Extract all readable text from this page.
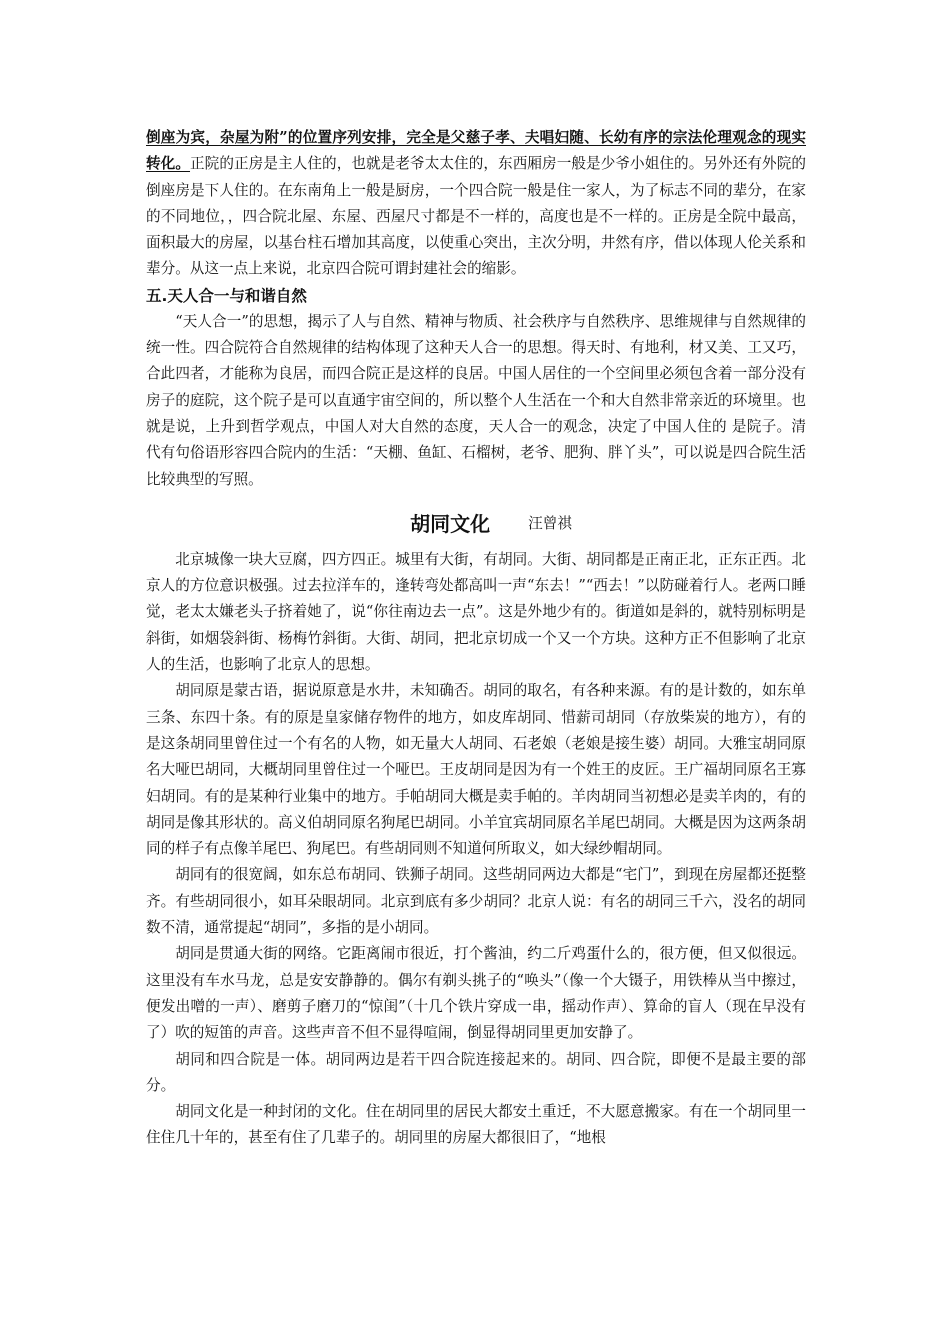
倒座为宾，杂屋为附”的位置序列安排，完全是父慈子孝、夫唱妇随、长幼有序的宗法伦理观念的现实转化。正院的正房是主人住的，也就是老爷太太住的，东西厢房一般是少爷小姐住的。另外还有外院的倒座房是下人住的。在东南角上一般是厨房，一个四合院一般是住一家人，为了标志不同的辈分，在家的不同地位，，四合院北屋、东屋、西屋尺寸都是不一样的，高度也是不一样的。正房是全院中最高，面积最大的房屋，以基台柱石增加其高度，以使重心突出，主次分明，井然有序，借以体现人伦关系和辈分。从这一点上来说，北京四合院可谓封建社会的缩影。

五.天人合一与和谐自然

“天人合一”的思想，揭示了人与自然、精神与物质、社会秩序与自然秩序、思维规律与自然规律的统一性。四合院符合自然规律的结构体现了这种天人合一的思想。得天时、有地利，材又美、工又巧，合此四者，才能称为良居，而四合院正是这样的良居。中国人居住的一个空间里必须包含着一部分没有房子的庭院，这个院子是可以直通宇宙空间的，所以整个人生活在一个和大自然非常亲近的环境里。也就是说，上升到哲学观点，中国人对大自然的态度，天人合一的观念，决定了中国人住的 是院子。清代有句俗语形容四合院内的生活：“天棚、鱼缸、石榴树，老爷、肥狗、胖丫头”，可以说是四合院生活比较典型的写照。

胡同文化	汪曾祺

北京城像一块大豆腐，四方四正。城里有大街，有胡同。大街、胡同都是正南正北，正东正西。北京人的方位意识极强。过去拉洋车的，逢转弯处都高叫一声“东去！”“西去！”以防碰着行人。老两口睡觉，老太太嫌老头子挤着她了，说“你往南边去一点”。这是外地少有的。街道如是斜的，就特别标明是斜街，如烟袋斜街、杨梅竹斜街。大街、胡同，把北京切成一个又一个方块。这种方正不但影响了北京人的生活，也影响了北京人的思想。

胡同原是蒙古语，据说原意是水井，未知确否。胡同的取名，有各种来源。有的是计数的，如东单三条、东四十条。有的原是皇家储存物件的地方，如皮库胡同、惜薪司胡同（存放柴炭的地方），有的是这条胡同里曾住过一个有名的人物，如无量大人胡同、石老娘（老娘是接生婆）胡同。大雅宝胡同原名大哑巴胡同，大概胡同里曾住过一个哑巴。王皮胡同是因为有一个姓王的皮匠。王广福胡同原名王寡妇胡同。有的是某种行业集中的地方。手帕胡同大概是卖手帕的。羊肉胡同当初想必是卖羊肉的，有的胡同是像其形状的。高义伯胡同原名狗尾巴胡同。小羊宜宾胡同原名羊尾巴胡同。大概是因为这两条胡同的样子有点像羊尾巴、狗尾巴。有些胡同则不知道何所取义，如大绿纱帽胡同。

胡同有的很宽阔，如东总布胡同、铁狮子胡同。这些胡同两边大都是“宅门”，到现在房屋都还挺整齐。有些胡同很小，如耳朵眼胡同。北京到底有多少胡同？北京人说：有名的胡同三千六，没名的胡同数不清，通常提起“胡同”，多指的是小胡同。

胡同是贯通大街的网络。它距离闹市很近，打个酱油，约二斤鸡蛋什么的，很方便，但又似很远。这里没有车水马龙，总是安安静静的。偶尔有剃头挑子的“唤头”（像一个大镊子，用铁棒从当中擦过，便发出噌的一声）、磨剪子磨刀的“惊闺”（十几个铁片穿成一串，摇动作声）、算命的盲人（现在早没有了）吹的短笛的声音。这些声音不但不显得喧闹，倒显得胡同里更加安静了。

胡同和四合院是一体。胡同两边是若干四合院连接起来的。胡同、四合院，即便不是最主要的部分。

胡同文化是一种封闭的文化。住在胡同里的居民大都安土重迁，不大愿意搬家。有在一个胡同里一住住几十年的，甚至有住了几辈子的。胡同里的房屋大都很旧了，“地根
